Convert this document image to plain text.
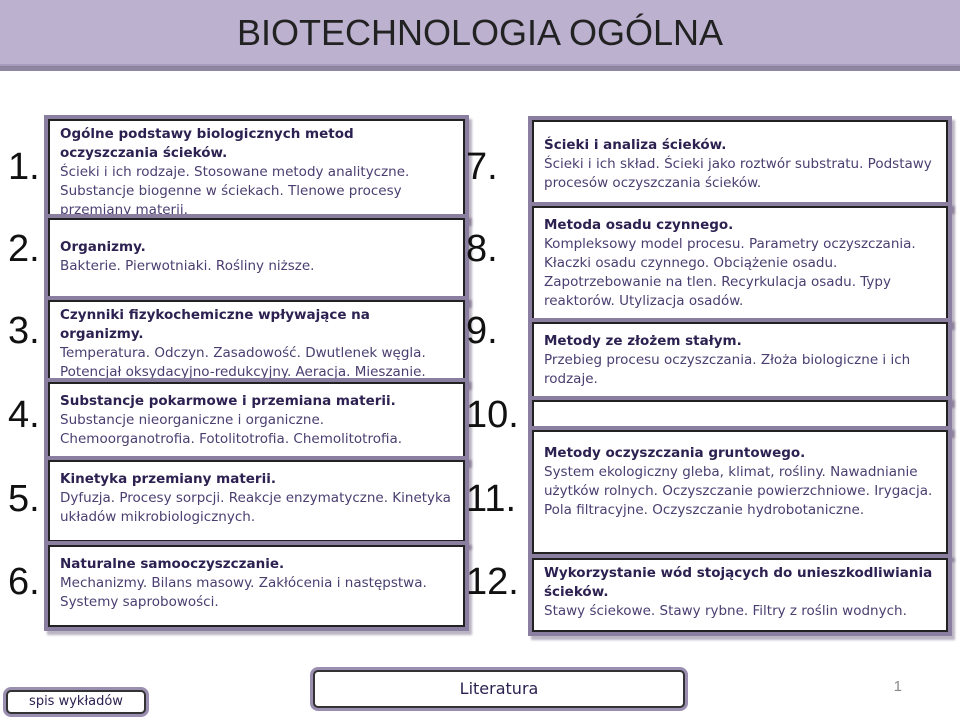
BIOTECHNOLOGIA OGÓLNA
1.
2.
3.
4.
5.
6.
Ogólne podstawy biologicznych metod oczyszczania ścieków.
Ścieki i ich rodzaje. Stosowane metody analityczne. Substancje biogenne w ściekach. Tlenowe procesy przemiany materii.
Organizmy.
Bakterie. Pierwotniaki. Rośliny niższe.
Czynniki fizykochemiczne wpływające na organizmy.
Temperatura. Odczyn. Zasadowość. Dwutlenek węgla. Potencjał oksydacyjno-redukcyjny. Aeracja. Mieszanie.
Substancje pokarmowe i przemiana materii.
Substancje nieorganiczne i organiczne. Chemoorganotrofia. Fotolitotrofia. Chemolitotrofia.
Kinetyka przemiany materii.
Dyfuzja. Procesy sorpcji. Reakcje enzymatyczne. Kinetyka układów mikrobiologicznych.
Naturalne samooczyszczanie.
Mechanizmy. Bilans masowy. Zakłócenia i następstwa. Systemy saprobowości.
7.
8.
9.
10.
11.
12.
Ścieki i analiza ścieków.
Ścieki i ich skład. Ścieki jako roztwór substratu. Podstawy procesów oczyszczania ścieków.
Metoda osadu czynnego.
Kompleksowy model procesu. Parametry oczyszczania. Kłaczki osadu czynnego. Obciążenie osadu. Zapotrzebowanie na tlen. Recyrkulacja osadu. Typy reaktorów. Utylizacja osadów.
Metody ze złożem stałym.
Przebieg procesu oczyszczania. Złoża biologiczne i ich rodzaje.
Metody oczyszczania gruntowego.
System ekologiczny gleba, klimat, rośliny. Nawadnianie użytków rolnych. Oczyszczanie powierzchniowe. Irygacja. Pola filtracyjne. Oczyszczanie hydrobotaniczne.
Wykorzystanie wód stojących do unieszkodliwiania ścieków.
Stawy ściekowe. Stawy rybne. Filtry z roślin wodnych.
spis wykładów
Literatura	1
